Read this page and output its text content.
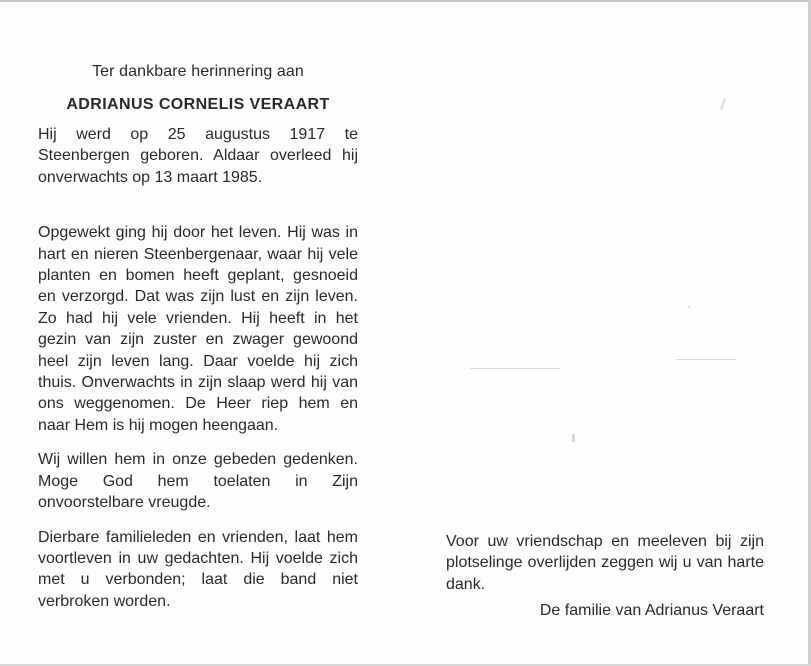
Ter dankbare herinnering aan

ADRIANUS CORNELIS VERAART

Hij werd op 25 augustus 1917 te Steenbergen geboren. Aldaar overleed hij onverwachts op 13 maart 1985.

Opgewekt ging hij door het leven. Hij was in hart en nieren Steenbergenaar, waar hij vele planten en bomen heeft geplant, gesnoeid en verzorgd. Dat was zijn lust en zijn leven. Zo had hij vele vrienden. Hij heeft in het gezin van zijn zuster en zwager gewoond heel zijn leven lang. Daar voelde hij zich thuis. Onverwachts in zijn slaap werd hij van ons weggenomen. De Heer riep hem en naar Hem is hij mogen heengaan.

Wij willen hem in onze gebeden gedenken. Moge God hem toelaten in Zijn onvoorstelbare vreugde.

Dierbare familieleden en vrienden, laat hem voortleven in uw gedachten. Hij voelde zich met u verbonden; laat die band niet verbroken worden.

Voor uw vriendschap en meeleven bij zijn plotselinge overlijden zeggen wij u van harte dank.

De familie van Adrianus Veraart
